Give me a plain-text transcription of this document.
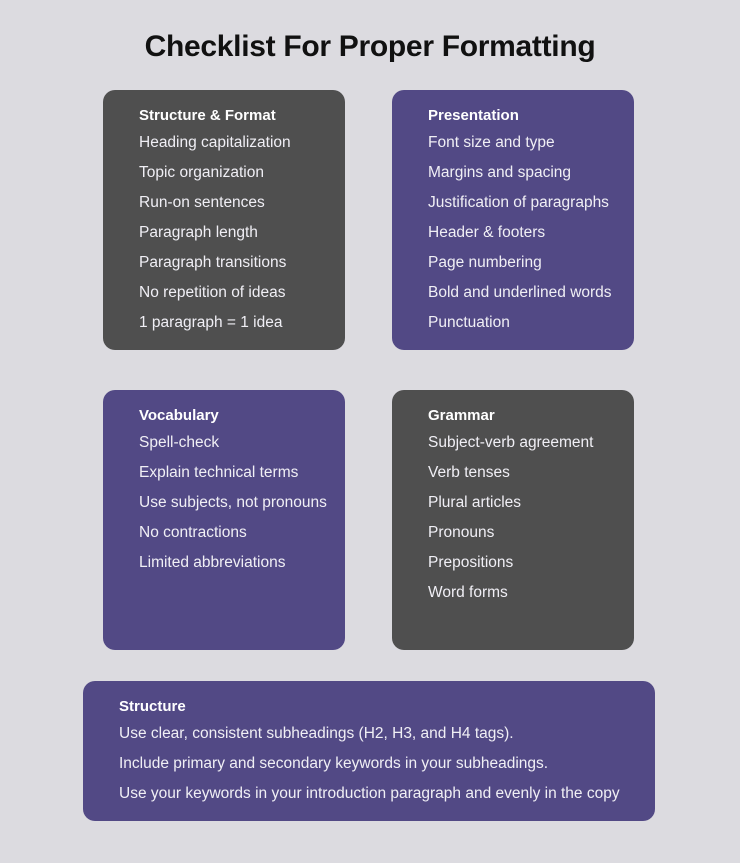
Checklist For Proper Formatting
Structure & Format
Heading capitalization
Topic organization
Run-on sentences
Paragraph length
Paragraph transitions
No repetition of ideas
1 paragraph = 1 idea
Presentation
Font size and type
Margins and spacing
Justification of paragraphs
Header & footers
Page numbering
Bold and underlined words
Punctuation
Vocabulary
Spell-check
Explain technical terms
Use subjects, not pronouns
No contractions
Limited abbreviations
Grammar
Subject-verb agreement
Verb tenses
Plural articles
Pronouns
Prepositions
Word forms
Structure
Use clear, consistent subheadings (H2, H3, and H4 tags).
Include primary and secondary keywords in your subheadings.
Use your keywords in your introduction paragraph and evenly in the copy
